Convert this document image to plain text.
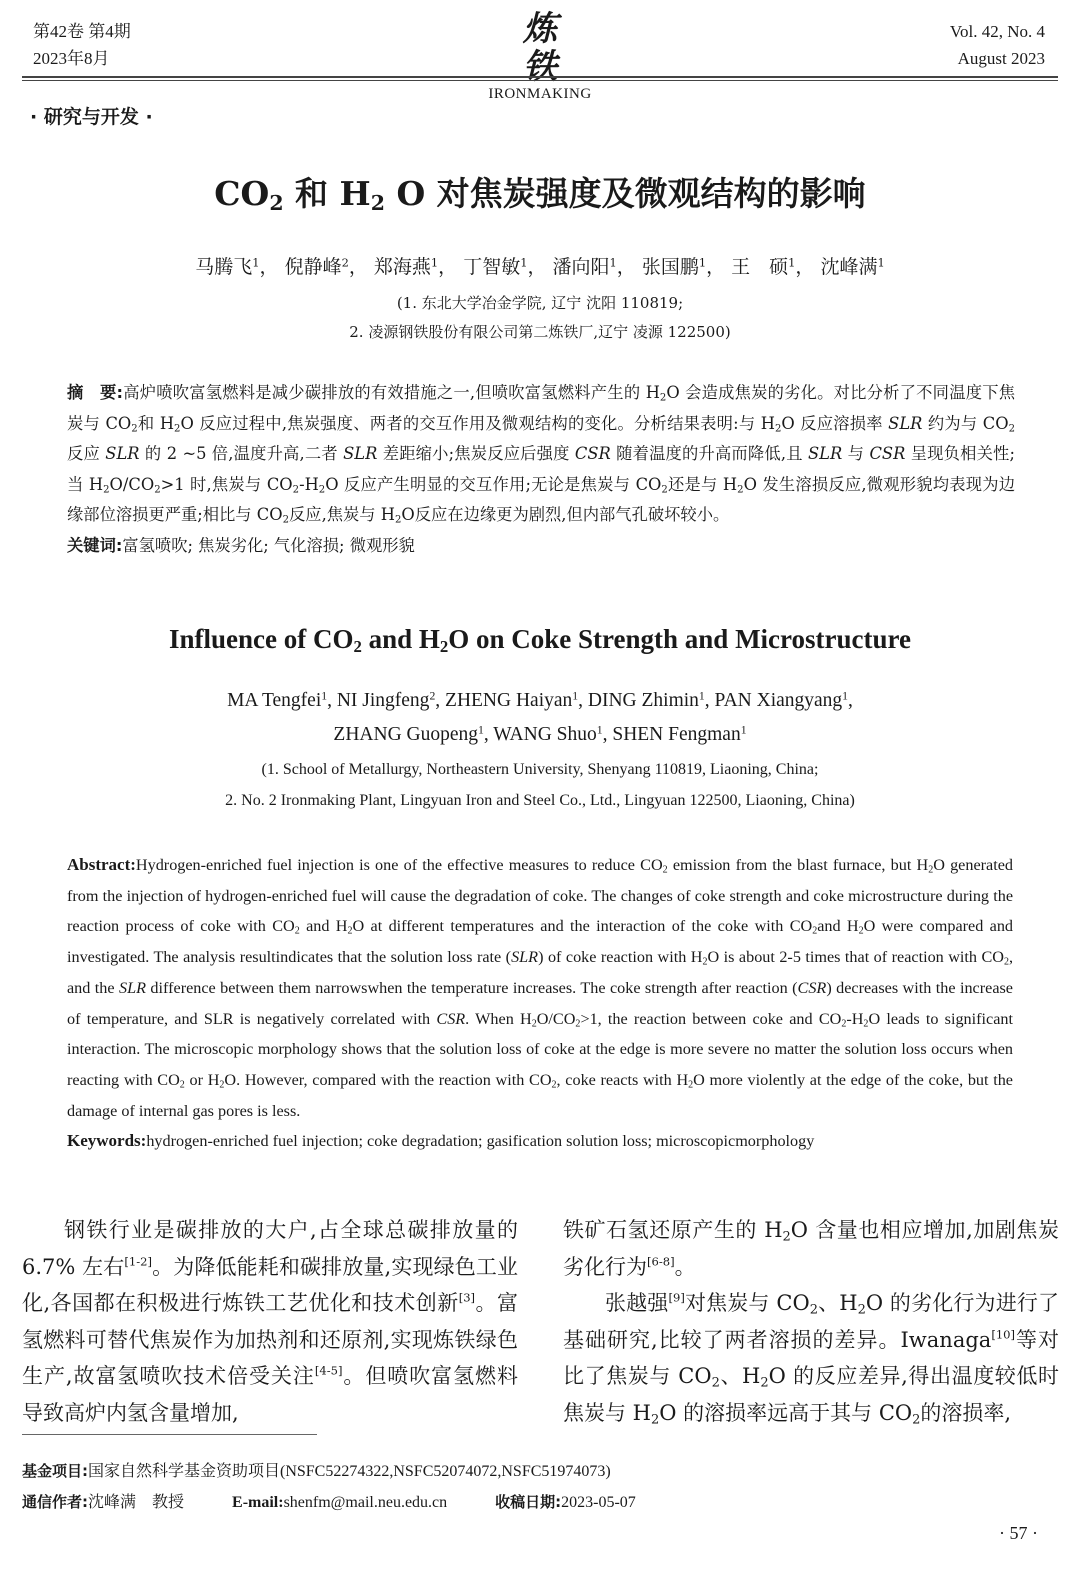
第42卷 第4期
2023年8月
炼 铁
IRONMAKING
Vol. 42, No. 4
August 2023
· 研究与开发 ·
$CO_2$ 和 $H_2$ O 对焦炭强度及微观结构的影响
马腾飞$^1$， 倪静峰$^2$， 郑海燕$^1$， 丁智敏$^1$， 潘向阳$^1$， 张国鹏$^1$， 王　硕$^1$， 沈峰满$^1$
(1. 东北大学冶金学院, 辽宁 沈阳 110819;
2. 凌源钢铁股份有限公司第二炼铁厂,辽宁 凌源 122500)
摘　要:高炉喷吹富氢燃料是减少碳排放的有效措施之一,但喷吹富氢燃料产生的 $H_2O$ 会造成焦炭的劣化。对比分析了不同温度下焦炭与 $CO_2$和 $H_2O$ 反应过程中,焦炭强度、两者的交互作用及微观结构的变化。分析结果表明:与 $H_2O$ 反应溶损率 SLR 约为与 $CO_2$反应 SLR 的 2 ~5 倍,温度升高,二者 SLR 差距缩小;焦炭反应后强度 CSR 随着温度的升高而降低,且 SLR 与 CSR 呈现负相关性;当 $H_2O/CO_2>1$ 时,焦炭与 $CO_2-H_2O$ 反应产生明显的交互作用;无论是焦炭与 $CO_2$还是与 $H_2O$ 发生溶损反应,微观形貌均表现为边缘部位溶损更严重;相比与 $CO_2$反应,焦炭与 $H_2O$反应在边缘更为剧烈,但内部气孔破坏较小。
关键词:富氢喷吹; 焦炭劣化; 气化溶损; 微观形貌
Influence of $CO_2$ and $H_2O$ on Coke Strength and Microstructure
MA Tengfei$^1$, NI Jingfeng$^2$, ZHENG Haiyan$^1$, DING Zhimin$^1$, PAN Xiangyang$^1$,
ZHANG Guopeng$^1$, WANG Shuo$^1$, SHEN Fengman$^1$
(1. School of Metallurgy, Northeastern University, Shenyang 110819, Liaoning, China;
2. No. 2 Ironmaking Plant, Lingyuan Iron and Steel Co., Ltd., Lingyuan 122500, Liaoning, China)
Abstract:Hydrogen-enriched fuel injection is one of the effective measures to reduce $CO_2$ emission from the blast furnace, but $H_2O$ generated from the injection of hydrogen-enriched fuel will cause the degradation of coke. The changes of coke strength and coke microstructure during the reaction process of coke with $CO_2$ and $H_2O$ at different temperatures and the interaction of the coke with $CO_2and$ $H_2O$ were compared and investigated. The analysis resultindicates that the solution loss rate (SLR) of coke reaction with $H_2O$ is about 2-5 times that of reaction with $CO_2$, and the SLR difference between them narrowswhen the temperature increases. The coke strength after reaction (CSR) decreases with the increase of temperature, and SLR is negatively correlated with CSR. When $H_2O/CO_2>1$, the reaction between coke and $CO_2-H_2O$ leads to significant interaction. The microscopic morphology shows that the solution loss of coke at the edge is more severe no matter the solution loss occurs when reacting with $CO_2$ or $H_2O$. However, compared with the reaction with $CO_2$, coke reacts with $H_2O$ more violently at the edge of the coke, but the damage of internal gas pores is less.
Keywords:hydrogen-enriched fuel injection; coke degradation; gasification solution loss; microscopicmorphology

钢铁行业是碳排放的大户,占全球总碳排放量的 6.7% 左右[1-2]。为降低能耗和碳排放量,实现绿色工业化,各国都在积极进行炼铁工艺优化和技术创新[3]。富氢燃料可替代焦炭作为加热剂和还原剂,实现炼铁绿色生产,故富氢喷吹技术倍受关注[4-5]。但喷吹富氢燃料导致高炉内氢含量增加,

铁矿石氢还原产生的 $H_2O$ 含量也相应增加,加剧焦炭劣化行为[6-8]。

张越强[9]对焦炭与 $CO_2$、$H_2O$ 的劣化行为进行了基础研究,比较了两者溶损的差异。Iwanaga[10]等对比了焦炭与 $CO_2$、$H_2O$ 的反应差异,得出温度较低时焦炭与 $H_2O$ 的溶损率远高于其与 $CO_2$的溶损率,

基金项目:国家自然科学基金资助项目(NSFC52274322,NSFC52074072,NSFC51974073)
通信作者:沈峰满　教授	E-mail:shenfm@mail.neu.edu.cn	收稿日期:2023-05-07
· 57 ·
